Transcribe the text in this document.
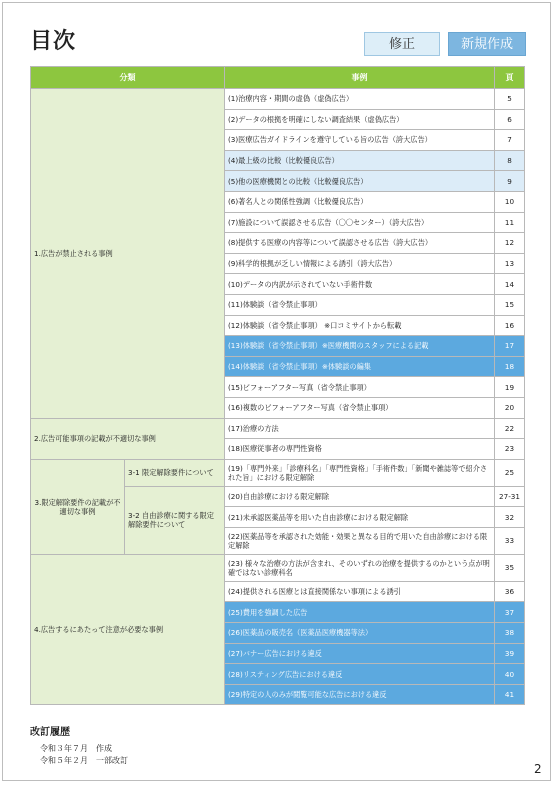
目次	修正	新規作成
分類		事例	頁
1.広告が禁止される事例		(1)治療内容・期間の虚偽（虚偽広告）	5
		(2)データの根拠を明確にしない調査結果（虚偽広告）	6
		(3)医療広告ガイドラインを遵守している旨の広告（誇大広告）	7
		(4)最上級の比較（比較優良広告）	8
		(5)他の医療機関との比較（比較優良広告）	9
		(6)著名人との関係性強調（比較優良広告）	10
		(7)施設について誤認させる広告（〇〇センター）（誇大広告）	11
		(8)提供する医療の内容等について誤認させる広告（誇大広告）	12
		(9)科学的根拠が乏しい情報による誘引（誇大広告）	13
		(10)データの内訳が示されていない手術件数	14
		(11)体験談（省令禁止事項）	15
		(12)体験談（省令禁止事項） ※口コミサイトから転載	16
		(13)体験談（省令禁止事項）※医療機関のスタッフによる記載	17
		(14)体験談（省令禁止事項）※体験談の編集	18
		(15)ビフォーアフター写真（省令禁止事項）	19
		(16)複数のビフォーアフター写真（省令禁止事項）	20
2.広告可能事項の記載が不適切な事例		(17)治療の方法	22
		(18)医療従事者の専門性資格	23
3.限定解除要件の記載が不適切な事例	3-1 限定解除要件について	(19)「専門外来」「診療科名」「専門性資格」「手術件数」「新聞や雑誌等で紹介された旨」における限定解除	25
	3-2 自由診療に関する限定解除要件について	(20)自由診療における限定解除	27-31
		(21)未承認医薬品等を用いた自由診療における限定解除	32
		(22)医薬品等を承認された効能・効果と異なる目的で用いた自由診療における限定解除	33
4.広告するにあたって注意が必要な事例		(23) 様々な治療の方法が含まれ、そのいずれの治療を提供するのかという点が明確ではない診療科名	35
		(24)提供される医療とは直接関係ない事項による誘引	36
		(25)費用を強調した広告	37
		(26)医薬品の販売名（医薬品医療機器等法）	38
		(27)バナー広告における違反	39
		(28)リスティング広告における違反	40
		(29)特定の人のみが閲覧可能な広告における違反	41
改訂履歴
令和３年７月　作成
令和５年２月　一部改訂
2
